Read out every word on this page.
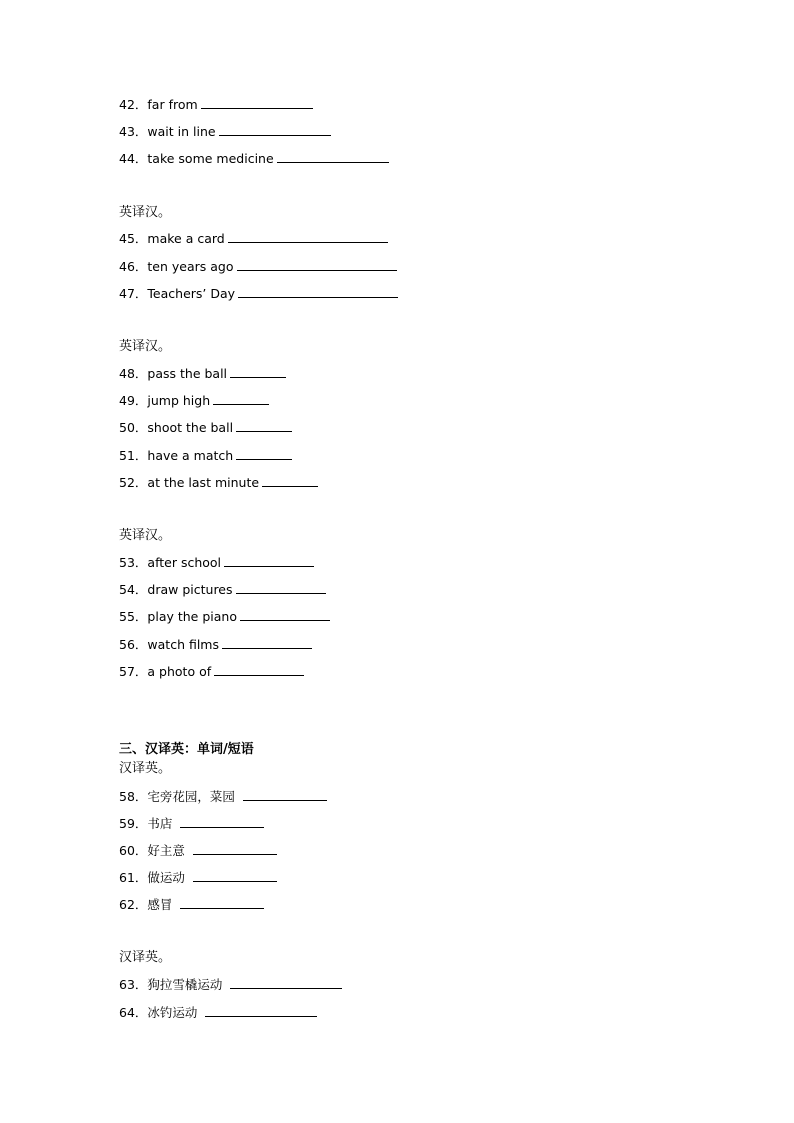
42．far from
43．wait in line
44．take some medicine
英译汉。
45．make a card
46．ten years ago
47．Teachers’ Day
英译汉。
48．pass the ball
49．jump high
50．shoot the ball
51．have a match
52．at the last minute
英译汉。
53．after school
54．draw pictures
55．play the piano
56．watch films
57．a photo of
三、汉译英：单词/短语
汉译英。
58．宅旁花园，菜园
59．书店
60．好主意
61．做运动
62．感冒
汉译英。
63．狗拉雪橇运动
64．冰钓运动
